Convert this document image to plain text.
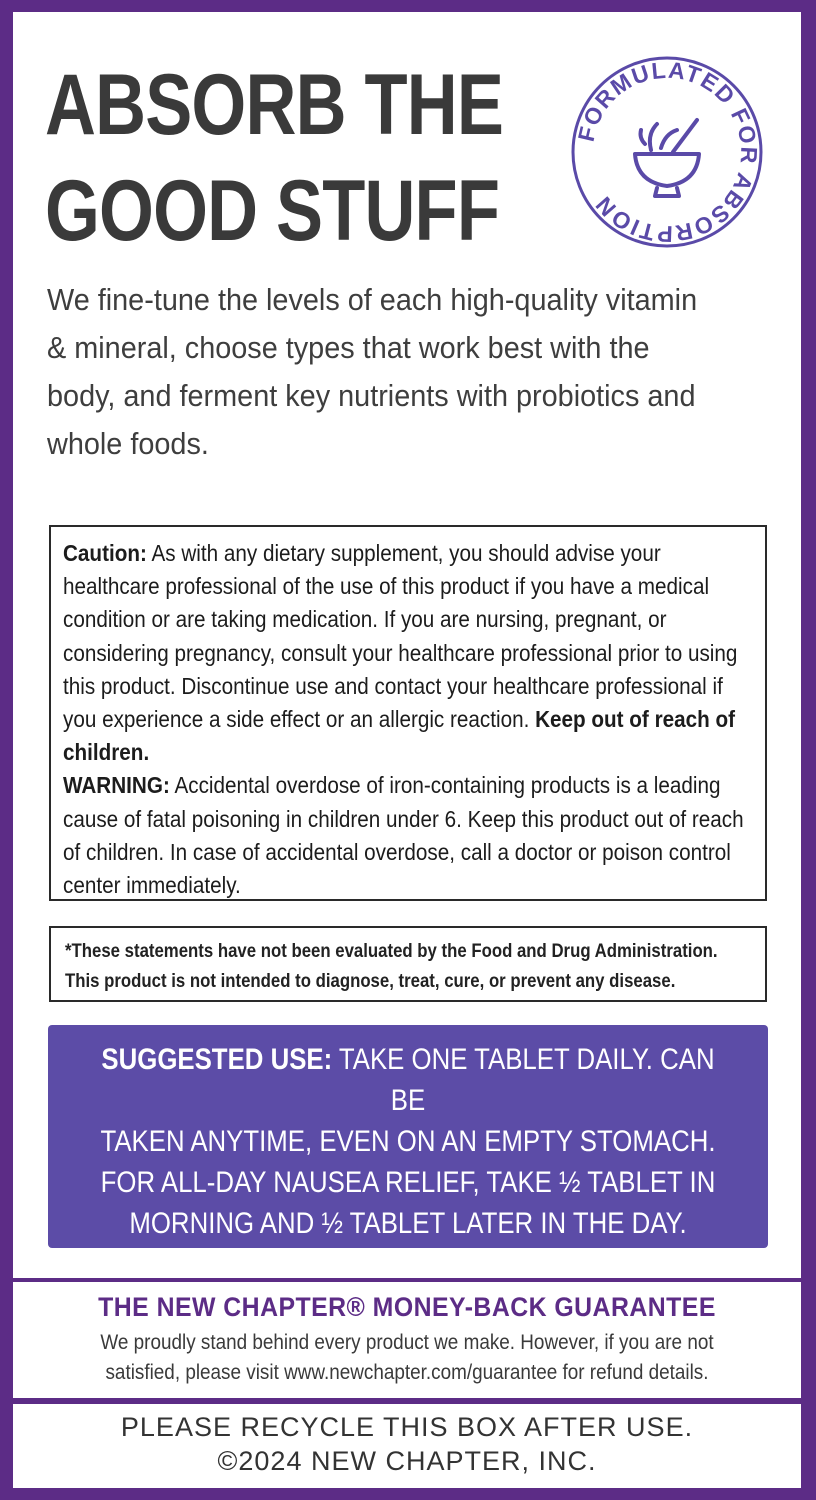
ABSORB THE
GOOD STUFF
FORMULATED FOR ABSORPTION

We fine-tune the levels of each high-quality vitamin & mineral, choose types that work best with the body, and ferment key nutrients with probiotics and whole foods.

Caution: As with any dietary supplement, you should advise your healthcare professional of the use of this product if you have a medical condition or are taking medication. If you are nursing, pregnant, or considering pregnancy, consult your healthcare professional prior to using this product. Discontinue use and contact your healthcare professional if you experience a side effect or an allergic reaction. Keep out of reach of children.
WARNING: Accidental overdose of iron-containing products is a leading cause of fatal poisoning in children under 6. Keep this product out of reach of children. In case of accidental overdose, call a doctor or poison control center immediately.

*These statements have not been evaluated by the Food and Drug Administration.
This product is not intended to diagnose, treat, cure, or prevent any disease.

SUGGESTED USE: TAKE ONE TABLET DAILY. CAN BE
TAKEN ANYTIME, EVEN ON AN EMPTY STOMACH.
FOR ALL-DAY NAUSEA RELIEF, TAKE ½ TABLET IN
MORNING AND ½ TABLET LATER IN THE DAY.
NOT RECOMMENDED FOR USE IN CHILDREN.

THE NEW CHAPTER® MONEY-BACK GUARANTEE

We proudly stand behind every product we make. However, if you are not
satisfied, please visit www.newchapter.com/guarantee for refund details.

PLEASE RECYCLE THIS BOX AFTER USE.

©2024 NEW CHAPTER, INC.
